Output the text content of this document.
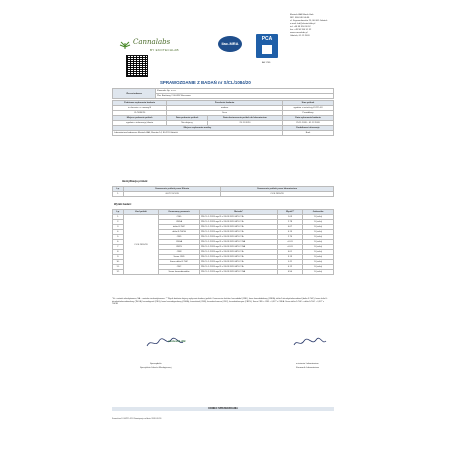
Cannalabs
BY EKOTECHLAB
ilac-MRA
PCA
AB 1765
EkotechLAB Marek Holc
NIP: 584-240-50-86
ul. Szymankowska 25, 80-301 Gdańsk
e-mail: lab@ekotechlab.pl
tel: +48 58 350 36 52
fax: +48 58 350 51 32
www.cannalabs.pl
Gdańsk, 01.12.2020
SPRAWOZDANIE Z BADAŃ nr S/CL/1084/20
Zleceniodawca	Flowerdis Sp. z o.o.
Plac Bankowy 2 00-095 Warszawa
Podstawa wykonania badania	Przedmiot badania		Stan próbek
ie zlecenie: nr umowy B	nadana		zgodnie z instrukcją KI-PO-03
CL/1084/20	Susz		Prawidłowy
Miejsce pobrania próbek	Data pobrania próbek	Data dostarczenia próbek do laboratorium	Data wykonania badania
zgodnie z informacją klienta	Nie dotyczy	25.11.2020	25.11.2020 - 01.12.2020
Miejsce wykonania analizy			Dodatkowe informacje
Laboratorium badawcze EkotechLAB, Rozrów 14, 80-231 Gdańsk			Brak
Identyfikacja próbek:
Lp.	Oznaczenie próbek przez Klienta	Oznaczenie próbek przez laboratorium
1.	GLITCOOON	CL/S 2651/20
Wyniki badań:
Lp.	Kod próbki	Oznaczany parametr	Metoda*	Wynik**	Jednostka
1.	CL/S 2651/20	CBG	PB-CL-1:2019 wyd 3 z 26.09.2020 HPLC/ A	1.03	% (m/m)
2.		CBDA	PB-CL-1:2019 wyd 3 z 26.09.2020 HPLC/ A	2.78	% (m/m)
3.		delta-9-THC	PB-CL-1:2019 wyd 3 z 26.09.2020 HPLC/ A	0.07	% (m/m)
4.		delta-9-THCA	PB-CL-1:2019 wyd 3 z 26.09.2020 HPLC/ A	0.15	% (m/m)
5.		CBD	PB-CL-1:2019 wyd 3 z 26.09.2020 HPLC/ A	2.70	% (m/m)
6.		CBGA	PB-CL-1:2019 wyd 3 z 26.09.2020 HPLC/ NA	<0.01	% (m/m)
7.		CBDV	PB-CL-1:2019 wyd 3 z 26.09.2020 HPLC/ NA	<0.01	% (m/m)
8.		CBN	PB-CL-1:2019 wyd 3 z 26.09.2020 HPLC/ A	0.01	% (m/m)
9.		Suma CBD	PB-CL-1:2019 wyd 3 z 26.09.2020 HPLC/ A	3.13	% (m/m)
10.		Suma delta-9-THC	PB-CL-1:2019 wyd 3 z 26.09.2020 HPLC/ A	0.11	% (m/m)
11.		CBC	PB-CL-1:2019 wyd 3 z 26.09.2020 HPLC/ A	0.12	% (m/m)
12.		Suma kannabinoidów	PB-CL-1:2019 wyd 3 z 26.09.2020 HPLC/ NA	4.54	% (m/m)
* A – metoda akredytowana, NA – metoda nieakredytowana. ** Wynik badania dotyczy wyłącznie badanej próbki. Oznaczenia skrótów: kannabidiol (CBD), kwas kannabidiolowy (CBDA), delta-9-tetrahydrokannabinol (delta-9-THC), kwas delta-9-tetrahydrokannabinolowy (THCA), kannabigerol (CBG), kwas kannabigerolowy (CBGA), kannabinol (CBN), kannabichromen (CBC), kannabidiwaryna (CBDV). Suma CBD = CBD + 0,877 x CBDA. Suma delta-9-THC = delta-9-THC + 0,877 x THCA.
ekotechLAB
Sporządziła
Specjalista Jakości Ekologicznej
w imieniu Laboratorium
Kierownik Laboratorium
KONIEC SPRAWOZDANIA
Formularz F-SJ/PO-5/3 Obowiązuje od dnia 2020.09.26
